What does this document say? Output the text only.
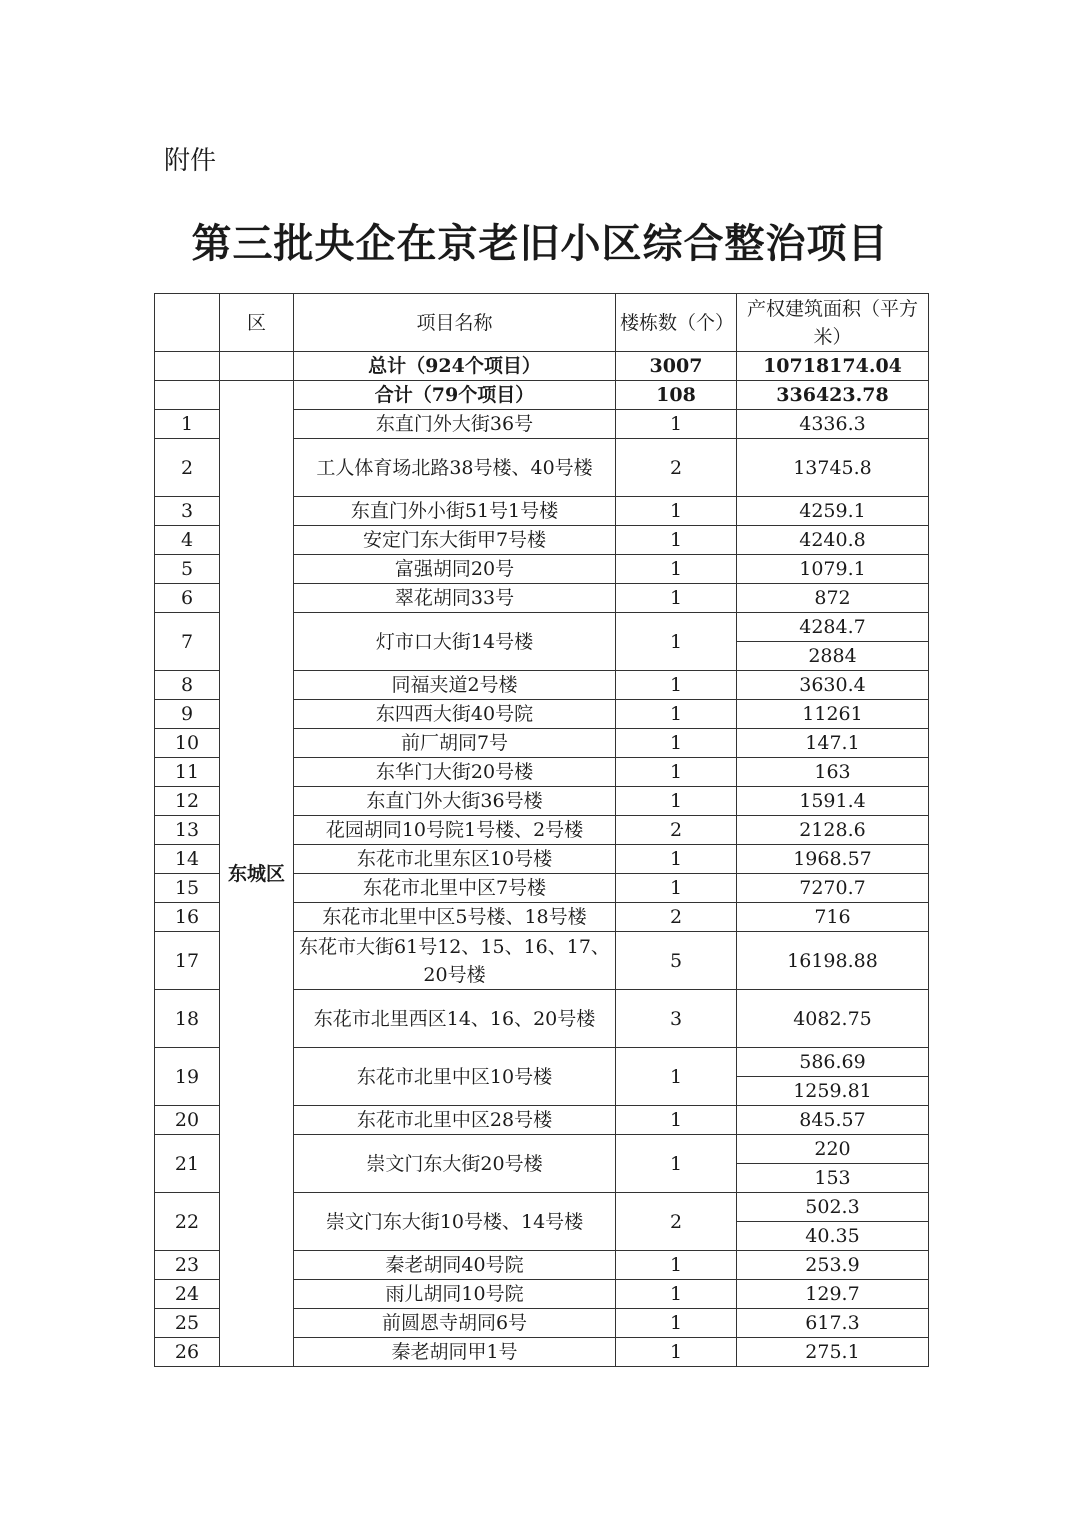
附件
第三批央企在京老旧小区综合整治项目
	区	项目名称	楼栋数（个）	产权建筑面积（平方米）
		总计（924个项目）	3007	10718174.04
	东城区	合计（79个项目）	108	336423.78
1		东直门外大街36号	1	4336.3
2		工人体育场北路38号楼、40号楼	2	13745.8
3		东直门外小街51号1号楼	1	4259.1
4		安定门东大街甲7号楼	1	4240.8
5		富强胡同20号	1	1079.1
6		翠花胡同33号	1	872
7		灯市口大街14号楼	1	4284.7
				2884
8		同福夹道2号楼	1	3630.4
9		东四西大街40号院	1	11261
10		前厂胡同7号	1	147.1
11		东华门大街20号楼	1	163
12		东直门外大街36号楼	1	1591.4
13		花园胡同10号院1号楼、2号楼	2	2128.6
14		东花市北里东区10号楼	1	1968.57
15		东花市北里中区7号楼	1	7270.7
16		东花市北里中区5号楼、18号楼	2	716
17		东花市大街61号12、15、16、17、20号楼	5	16198.88
18		东花市北里西区14、16、20号楼	3	4082.75
19		东花市北里中区10号楼	1	586.69
				1259.81
20		东花市北里中区28号楼	1	845.57
21		崇文门东大街20号楼	1	220
				153
22		崇文门东大街10号楼、14号楼	2	502.3
				40.35
23		秦老胡同40号院	1	253.9
24		雨儿胡同10号院	1	129.7
25		前圆恩寺胡同6号	1	617.3
26		秦老胡同甲1号	1	275.1
